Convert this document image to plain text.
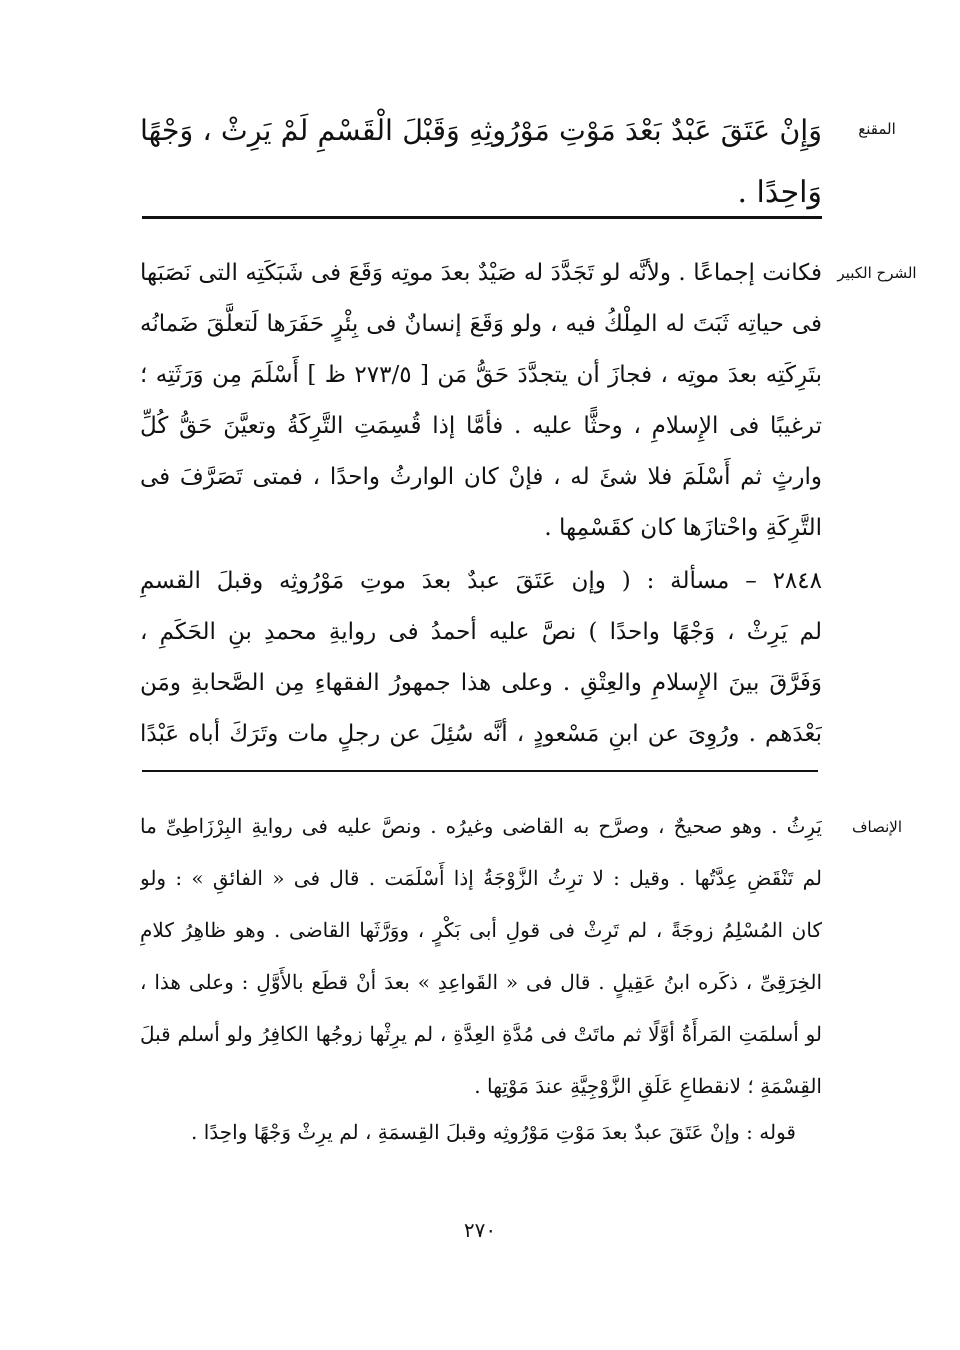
المقنع
وَإِنْ عَتَقَ عَبْدٌ بَعْدَ مَوْتِ مَوْرُوثِهِ وَقَبْلَ الْقَسْمِ لَمْ يَرِثْ ، وَجْهًا
وَاحِدًا .
الشرح الكبير
فكانت إجماعًا . ولأنَّه لو تَجَدَّدَ له صَيْدٌ بعدَ موتِه وَقَعَ فى شَبَكَتِه التى نَصَبَها
فى حياتِه ثَبَتَ له المِلْكُ فيه ، ولو وَقَعَ إنسانٌ فى بِئْرٍ حَفَرَها لَتعلَّقَ ضَمانُه
بتَرِكَتِه بعدَ موتِه ، فجازَ أن يتجدَّدَ حَقُّ مَن [ ٢٧٣/٥ ظ ] أَسْلَمَ مِن وَرَثَتِه ؛
ترغيبًا فى الإِسلامِ ، وحثًّا عليه . فأمَّا إذا قُسِمَتِ التَّرِكَةُ وتعيَّنَ حَقُّ كُلِّ
وارثٍ ثم أَسْلَمَ فلا شئَ له ، فإنْ كان الوارثُ واحدًا ، فمتى تَصَرَّفَ فى
التَّرِكَةِ واحْتازَها كان كقَسْمِها .
٢٨٤٨ – مسألة : ( وإن عَتَقَ عبدٌ بعدَ موتِ مَوْرُوثِه وقبلَ القسمِ
لم يَرِثْ ، وَجْهًا واحدًا ) نصَّ عليه أحمدُ فى روايةِ محمدِ بنِ الحَكَمِ ،
وَفَرَّقَ بينَ الإِسلامِ والعِتْقِ . وعلى هذا جمهورُ الفقهاءِ مِن الصَّحابةِ ومَن
بَعْدَهم . ورُوِىَ عن ابنِ مَسْعودٍ ، أنَّه سُئِلَ عن رجلٍ مات وتَرَكَ أباه عَبْدًا
الإنصاف
يَرِثُ . وهو صحيحٌ ، وصرَّح به القاضى وغيرُه . ونصَّ عليه فى روايةِ البِرْزَاطِىِّ ما
لم تَنْقَضِ عِدَّتُها . وقيل : لا ترِثُ الزَّوْجَةُ إذا أَسْلَمَت . قال فى « الفائقِ » : ولو
كان المُسْلِمُ زوجَةً ، لم تَرِثْ فى قولِ أبى بَكْرٍ ، ووَرَّثَها القاضى . وهو ظاهِرُ كلامِ
الخِرَقِىِّ ، ذكَره ابنُ عَقِيلٍ . قال فى « القَواعِدِ » بعدَ أنْ قطَع بالأَوَّلِ : وعلى هذا ،
لو أسلمَتِ المَرأَةُ أوَّلًا ثم ماتَتْ فى مُدَّةِ العِدَّةِ ، لم يرِثْها زوجُها الكافِرُ ولو أسلم قبلَ
القِسْمَةِ ؛ لانقطاعِ عَلَقِ الزَّوْجِيَّةِ عندَ مَوْتِها .
قوله : وإنْ عَتَقَ عبدٌ بعدَ مَوْتِ مَوْرُوثِه وقبلَ القِسمَةِ ، لم يرِثْ وَجْهًا واحِدًا .
٢٧٠
